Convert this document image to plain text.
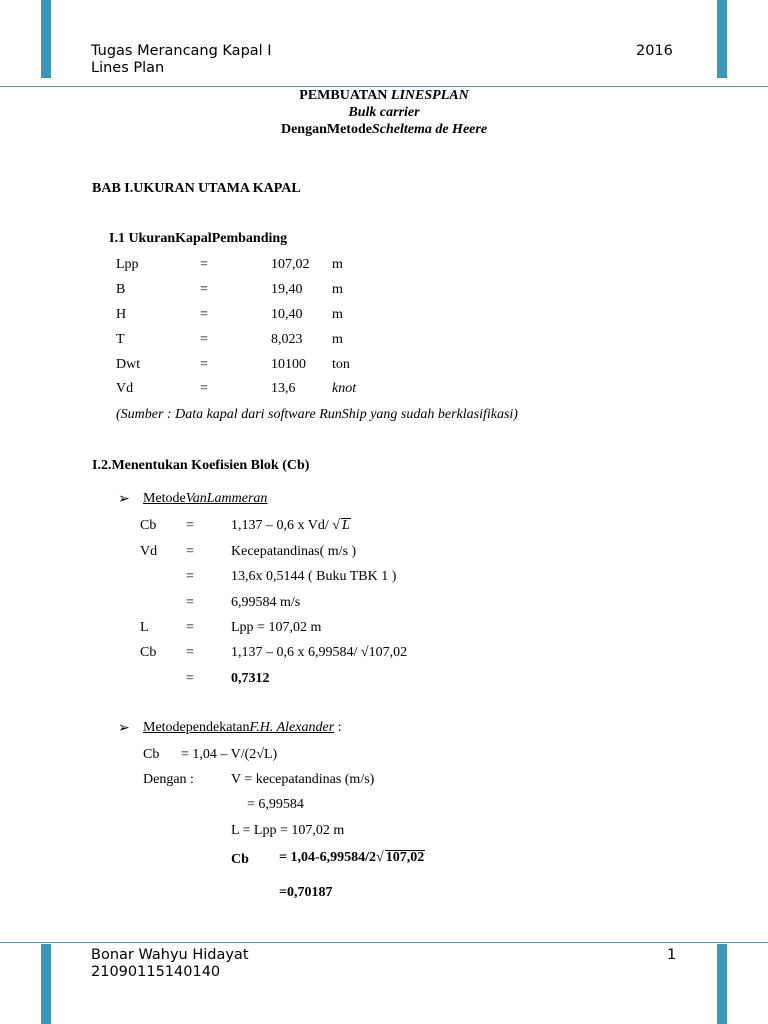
Tugas Merancang Kapal I
Lines Plan
2016
PEMBUATAN LINESPLAN
Bulk carrier
DenganMetodeScheltema de Heere
BAB I.UKURAN UTAMA KAPAL
I.1 UkuranKapalPembanding
Lpp	=	107,02 m
B	=	19,40 m
H	=	10,40 m
T	=	8,023 m
Dwt	=	10100 ton
Vd	=	13,6	knot
(Sumber : Data kapal dari software RunShip yang sudah berklasifikasi)
I.2.Menentukan Koefisien Blok (Cb)
➢ MetodeVanLammeran
Cb =	1,137 – 0,6 x Vd/ √ L
Vd =	Kecepatandinas( m/s )
=	13,6x 0,5144 ( Buku TBK 1 )
=	6,99584 m/s
L	=	Lpp = 107,02 m
Cb =	1,137 – 0,6 x 6,99584/ √107,02
=	0,7312
➢ MetodependekatanF.H. Alexander :
Cb = 1,04 – V/(2√L)
Dengan :	V = kecepatandinas (m/s)
= 6,99584
L = Lpp = 107,02 m
Cb = 1,04-6,99584/2√ 107,02
=0,70187
Bonar Wahyu Hidayat
21090115140140
1
